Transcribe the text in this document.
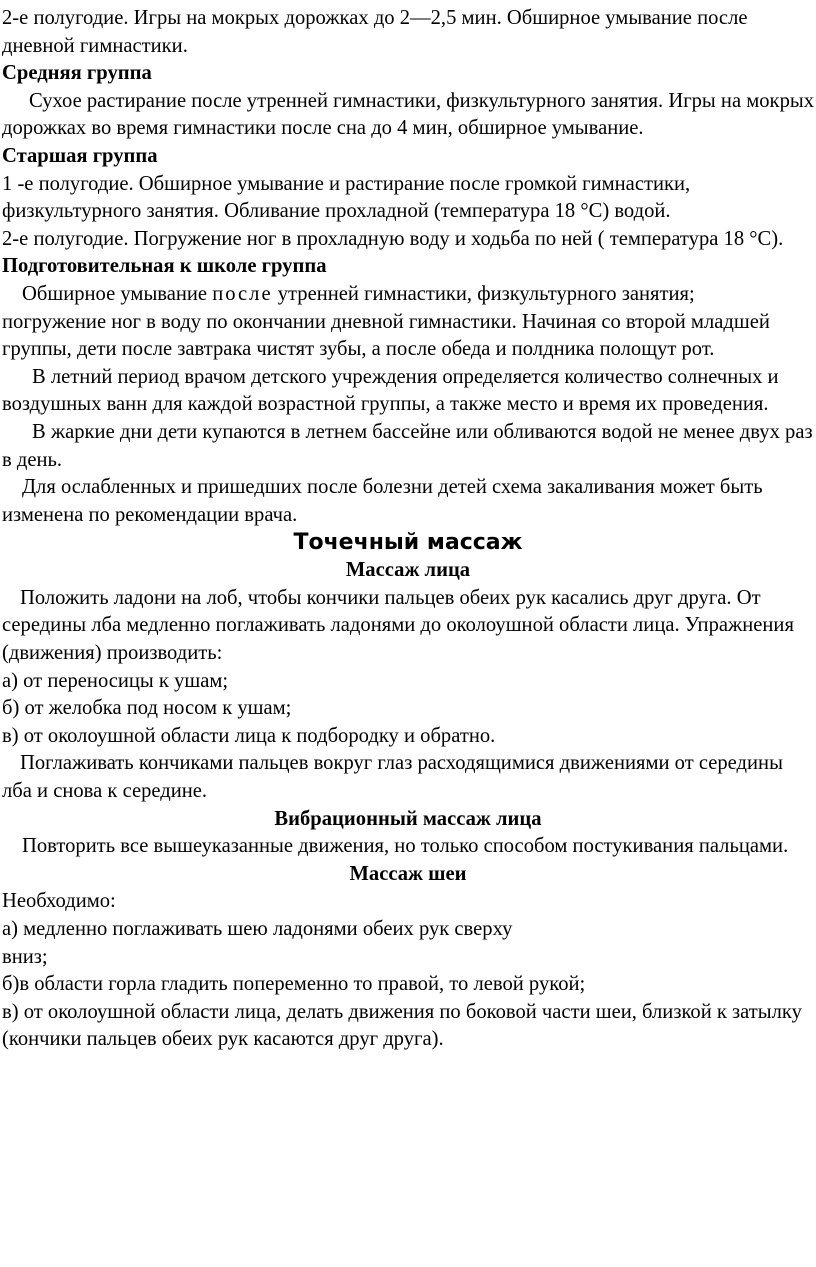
2-е полугодие. Игры на мокрых дорожках до 2—2,5 мин. Обширное умывание после дневной гимнастики.

Средняя группа

Сухое растирание после утренней гимнастики, физкультурного занятия. Игры на мокрых дорожках во время гимнастики после сна до 4 мин, обширное умывание.

Старшая группа

1 -е полугодие. Обширное умывание и растирание после громкой гимнастики, физкультурного занятия. Обливание прохладной (температура 18 °С) водой.

2-е полугодие. Погружение ног в прохладную воду и ходьба по ней ( температура 18 °С).

Подготовительная к школе группа

Обширное умывание после утренней гимнастики, физкультурного занятия;

погружение ног в воду по окончании дневной гимнастики. Начиная со второй младшей группы, дети после завтрака чистят зубы, а после обеда и полдника полощут рот.

В летний период врачом детского учреждения определяется количество солнечных и воздушных ванн для каждой возрастной группы, а также место и время их проведения.

В жаркие дни дети купаются в летнем бассейне или обливаются водой не менее двух раз в день.

Для ослабленных и пришедших после болезни детей схема закаливания может быть изменена по рекомендации врача.

Точечный массаж
Массаж лица

Положить ладони на лоб, чтобы кончики пальцев обеих рук касались друг друга. От середины лба медленно поглаживать ладонями до околоушной области лица. Упражнения (движения) производить:

а) от переносицы к ушам;

б) от желобка под носом к ушам;

в) от околоушной области лица к подбородку и обратно.

Поглаживать кончиками пальцев вокруг глаз расходящимися движениями от середины лба и снова к середине.

Вибрационный массаж лица

Повторить все вышеуказанные движения, но только способом постукивания пальцами.

Массаж шеи

Необходимо:

а) медленно поглаживать шею ладонями обеих рук сверху

вниз;

б)в области горла гладить попеременно то правой, то левой рукой;

в) от околоушной области лица, делать движения по боковой части шеи, близкой к затылку (кончики пальцев обеих рук касаются друг друга).
